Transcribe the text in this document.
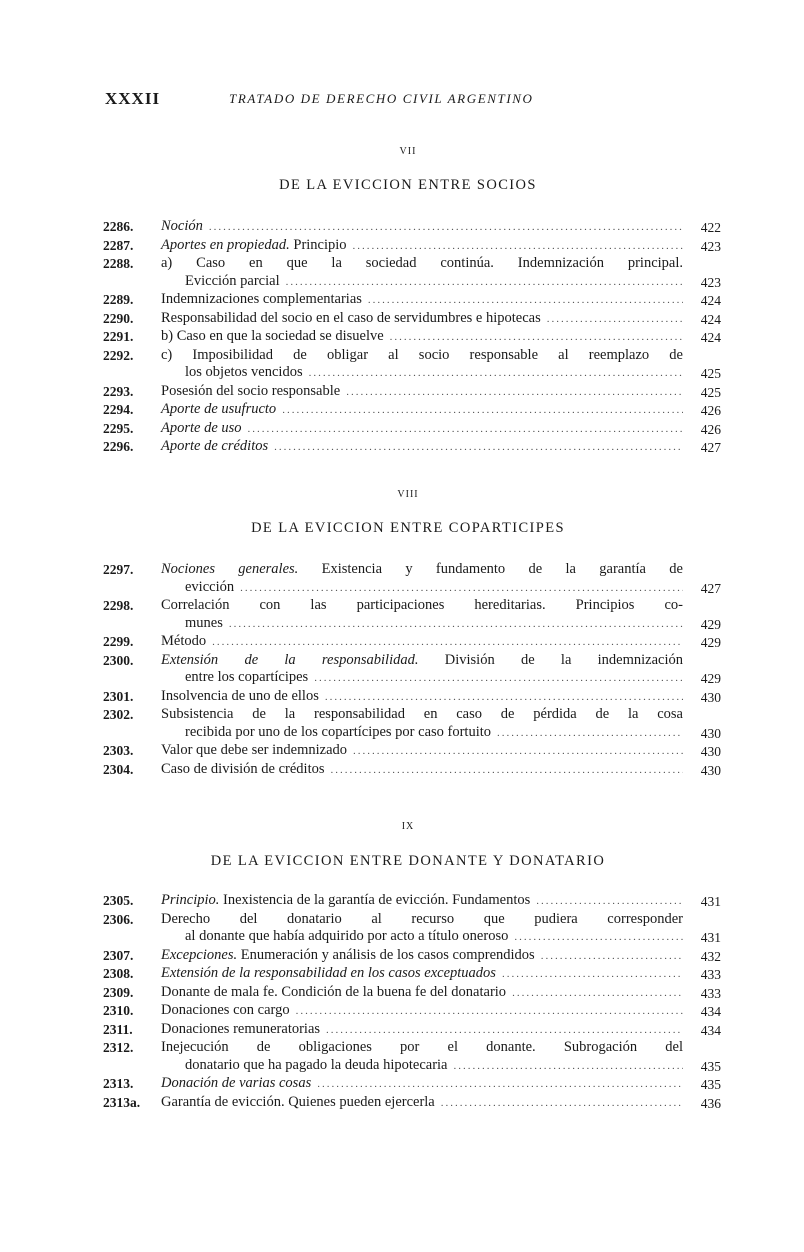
XXXII	TRATADO DE DERECHO CIVIL ARGENTINO
VII
DE LA EVICCION ENTRE SOCIOS
2286.	Noción .....	422
2287.	Aportes en propiedad. Principio .....	423
2288.	a) Caso en que la sociedad continúa. Indemnización principal.
Evicción parcial .....	423
2289.	Indemnizaciones complementarias .....	424
2290.	Responsabilidad del socio en el caso de servidumbres e hipotecas .....	424
2291.	b) Caso en que la sociedad se disuelve .....	424
2292.	c) Imposibilidad de obligar al socio responsable al reemplazo de
los objetos vencidos .....	425
2293.	Posesión del socio responsable .....	425
2294.	Aporte de usufructo .....	426
2295.	Aporte de uso .....	426
2296.	Aporte de créditos .....	427
VIII
DE LA EVICCION ENTRE COPARTICIPES
2297.	Nociones generales. Existencia y fundamento de la garantía de
evicción .....	427
2298.	Correlación con las participaciones hereditarias. Principios co-
munes .....	429
2299.	Método .....	429
2300.	Extensión de la responsabilidad. División de la indemnización
entre los copartícipes .....	429
2301.	Insolvencia de uno de ellos .....	430
2302.	Subsistencia de la responsabilidad en caso de pérdida de la cosa
recibida por uno de los copartícipes por caso fortuito .....	430
2303.	Valor que debe ser indemnizado .....	430
2304.	Caso de división de créditos .....	430
IX
DE LA EVICCION ENTRE DONANTE Y DONATARIO
2305.	Principio. Inexistencia de la garantía de evicción. Fundamentos .....	431
2306.	Derecho del donatario al recurso que pudiera corresponder
al donante que había adquirido por acto a título oneroso .....	431
2307.	Excepciones. Enumeración y análisis de los casos comprendidos .....	432
2308.	Extensión de la responsabilidad en los casos exceptuados .....	433
2309.	Donante de mala fe. Condición de la buena fe del donatario .....	433
2310.	Donaciones con cargo .....	434
2311.	Donaciones remuneratorias .....	434
2312.	Inejecución de obligaciones por el donante. Subrogación del
donatario que ha pagado la deuda hipotecaria .....	435
2313.	Donación de varias cosas .....	435
2313a.	Garantía de evicción. Quienes pueden ejercerla .....	436
